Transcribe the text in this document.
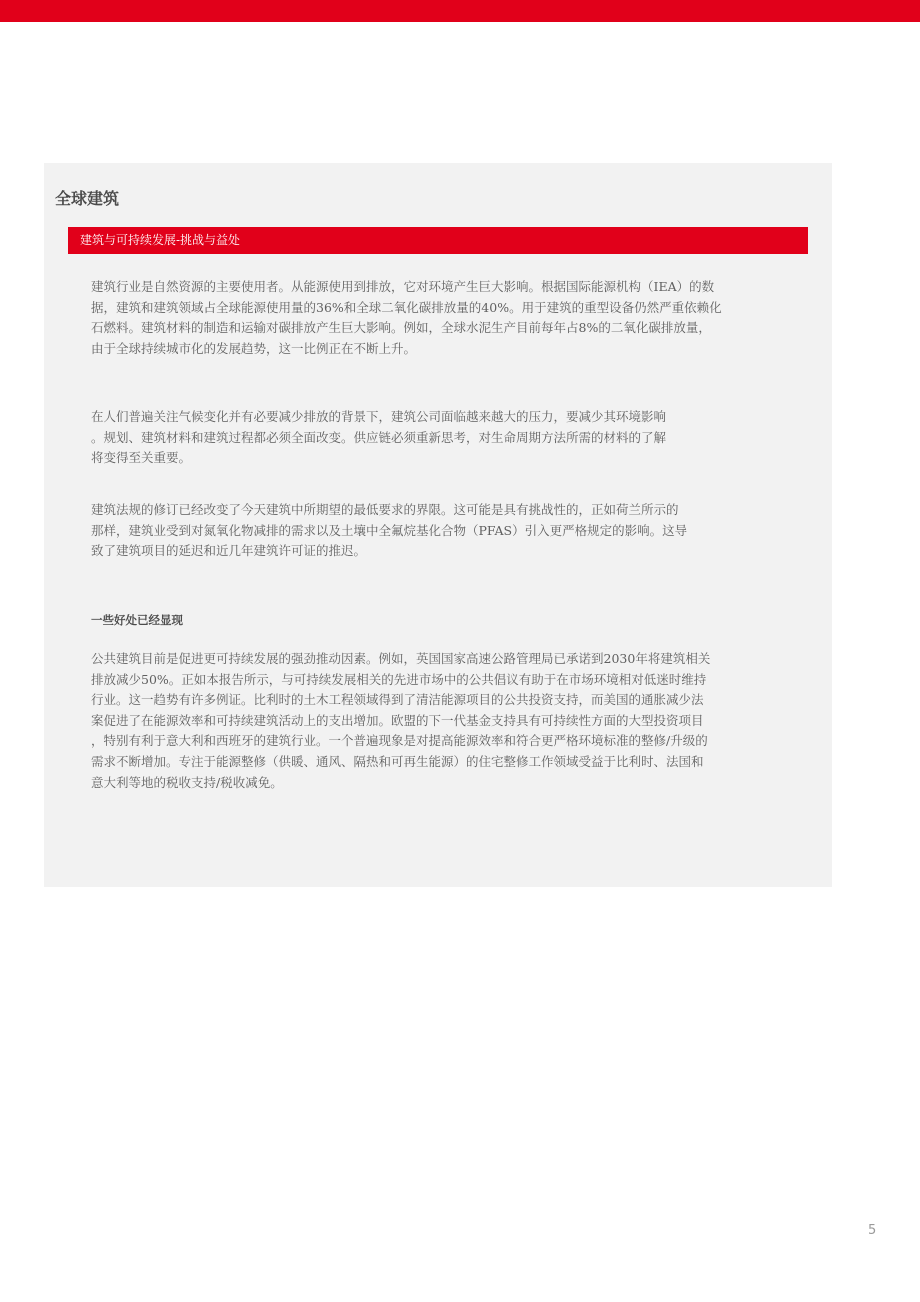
全球建筑
建筑与可持续发展-挑战与益处

建筑行业是自然资源的主要使用者。从能源使用到排放，它对环境产生巨大影响。根据国际能源机构（IEA）的数
据，建筑和建筑领域占全球能源使用量的36%和全球二氧化碳排放量的40%。用于建筑的重型设备仍然严重依赖化
石燃料。建筑材料的制造和运输对碳排放产生巨大影响。例如，全球水泥生产目前每年占8%的二氧化碳排放量，
由于全球持续城市化的发展趋势，这一比例正在不断上升。

在人们普遍关注气候变化并有必要减少排放的背景下，建筑公司面临越来越大的压力，要减少其环境影响
。规划、建筑材料和建筑过程都必须全面改变。供应链必须重新思考，对生命周期方法所需的材料的了解
将变得至关重要。

建筑法规的修订已经改变了今天建筑中所期望的最低要求的界限。这可能是具有挑战性的，正如荷兰所示的
那样，建筑业受到对氮氧化物减排的需求以及土壤中全氟烷基化合物（PFAS）引入更严格规定的影响。这导
致了建筑项目的延迟和近几年建筑许可证的推迟。

一些好处已经显现

公共建筑目前是促进更可持续发展的强劲推动因素。例如，英国国家高速公路管理局已承诺到2030年将建筑相关
排放减少50%。正如本报告所示，与可持续发展相关的先进市场中的公共倡议有助于在市场环境相对低迷时维持
行业。这一趋势有许多例证。比利时的土木工程领域得到了清洁能源项目的公共投资支持，而美国的通胀减少法
案促进了在能源效率和可持续建筑活动上的支出增加。欧盟的下一代基金支持具有可持续性方面的大型投资项目
，特别有利于意大利和西班牙的建筑行业。一个普遍现象是对提高能源效率和符合更严格环境标准的整修/升级的
需求不断增加。专注于能源整修（供暖、通风、隔热和可再生能源）的住宅整修工作领域受益于比利时、法国和
意大利等地的税收支持/税收减免。

5
